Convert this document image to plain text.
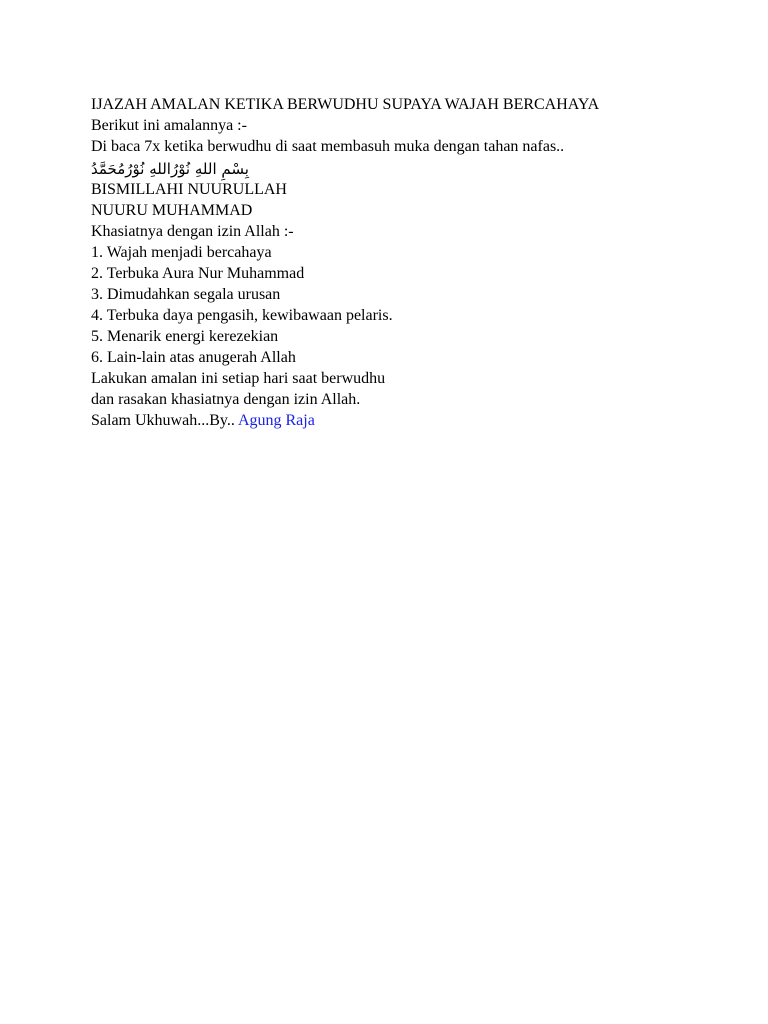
IJAZAH AMALAN KETIKA BERWUDHU SUPAYA WAJAH BERCAHAYA
Berikut ini amalannya :-
Di baca 7x ketika berwudhu di saat membasuh muka dengan tahan nafas..
بِسْمِ اللهِ نُوْرُاللهِ نُوْرُمُحَمَّدُ
BISMILLAHI NUURULLAH
NUURU MUHAMMAD
Khasiatnya dengan izin Allah :-
1. Wajah menjadi bercahaya
2. Terbuka Aura Nur Muhammad
3. Dimudahkan segala urusan
4. Terbuka daya pengasih, kewibawaan pelaris.
5. Menarik energi kerezekian
6. Lain-lain atas anugerah Allah
Lakukan amalan ini setiap hari saat berwudhu
dan rasakan khasiatnya dengan izin Allah.
Salam Ukhuwah...By.. Agung Raja
